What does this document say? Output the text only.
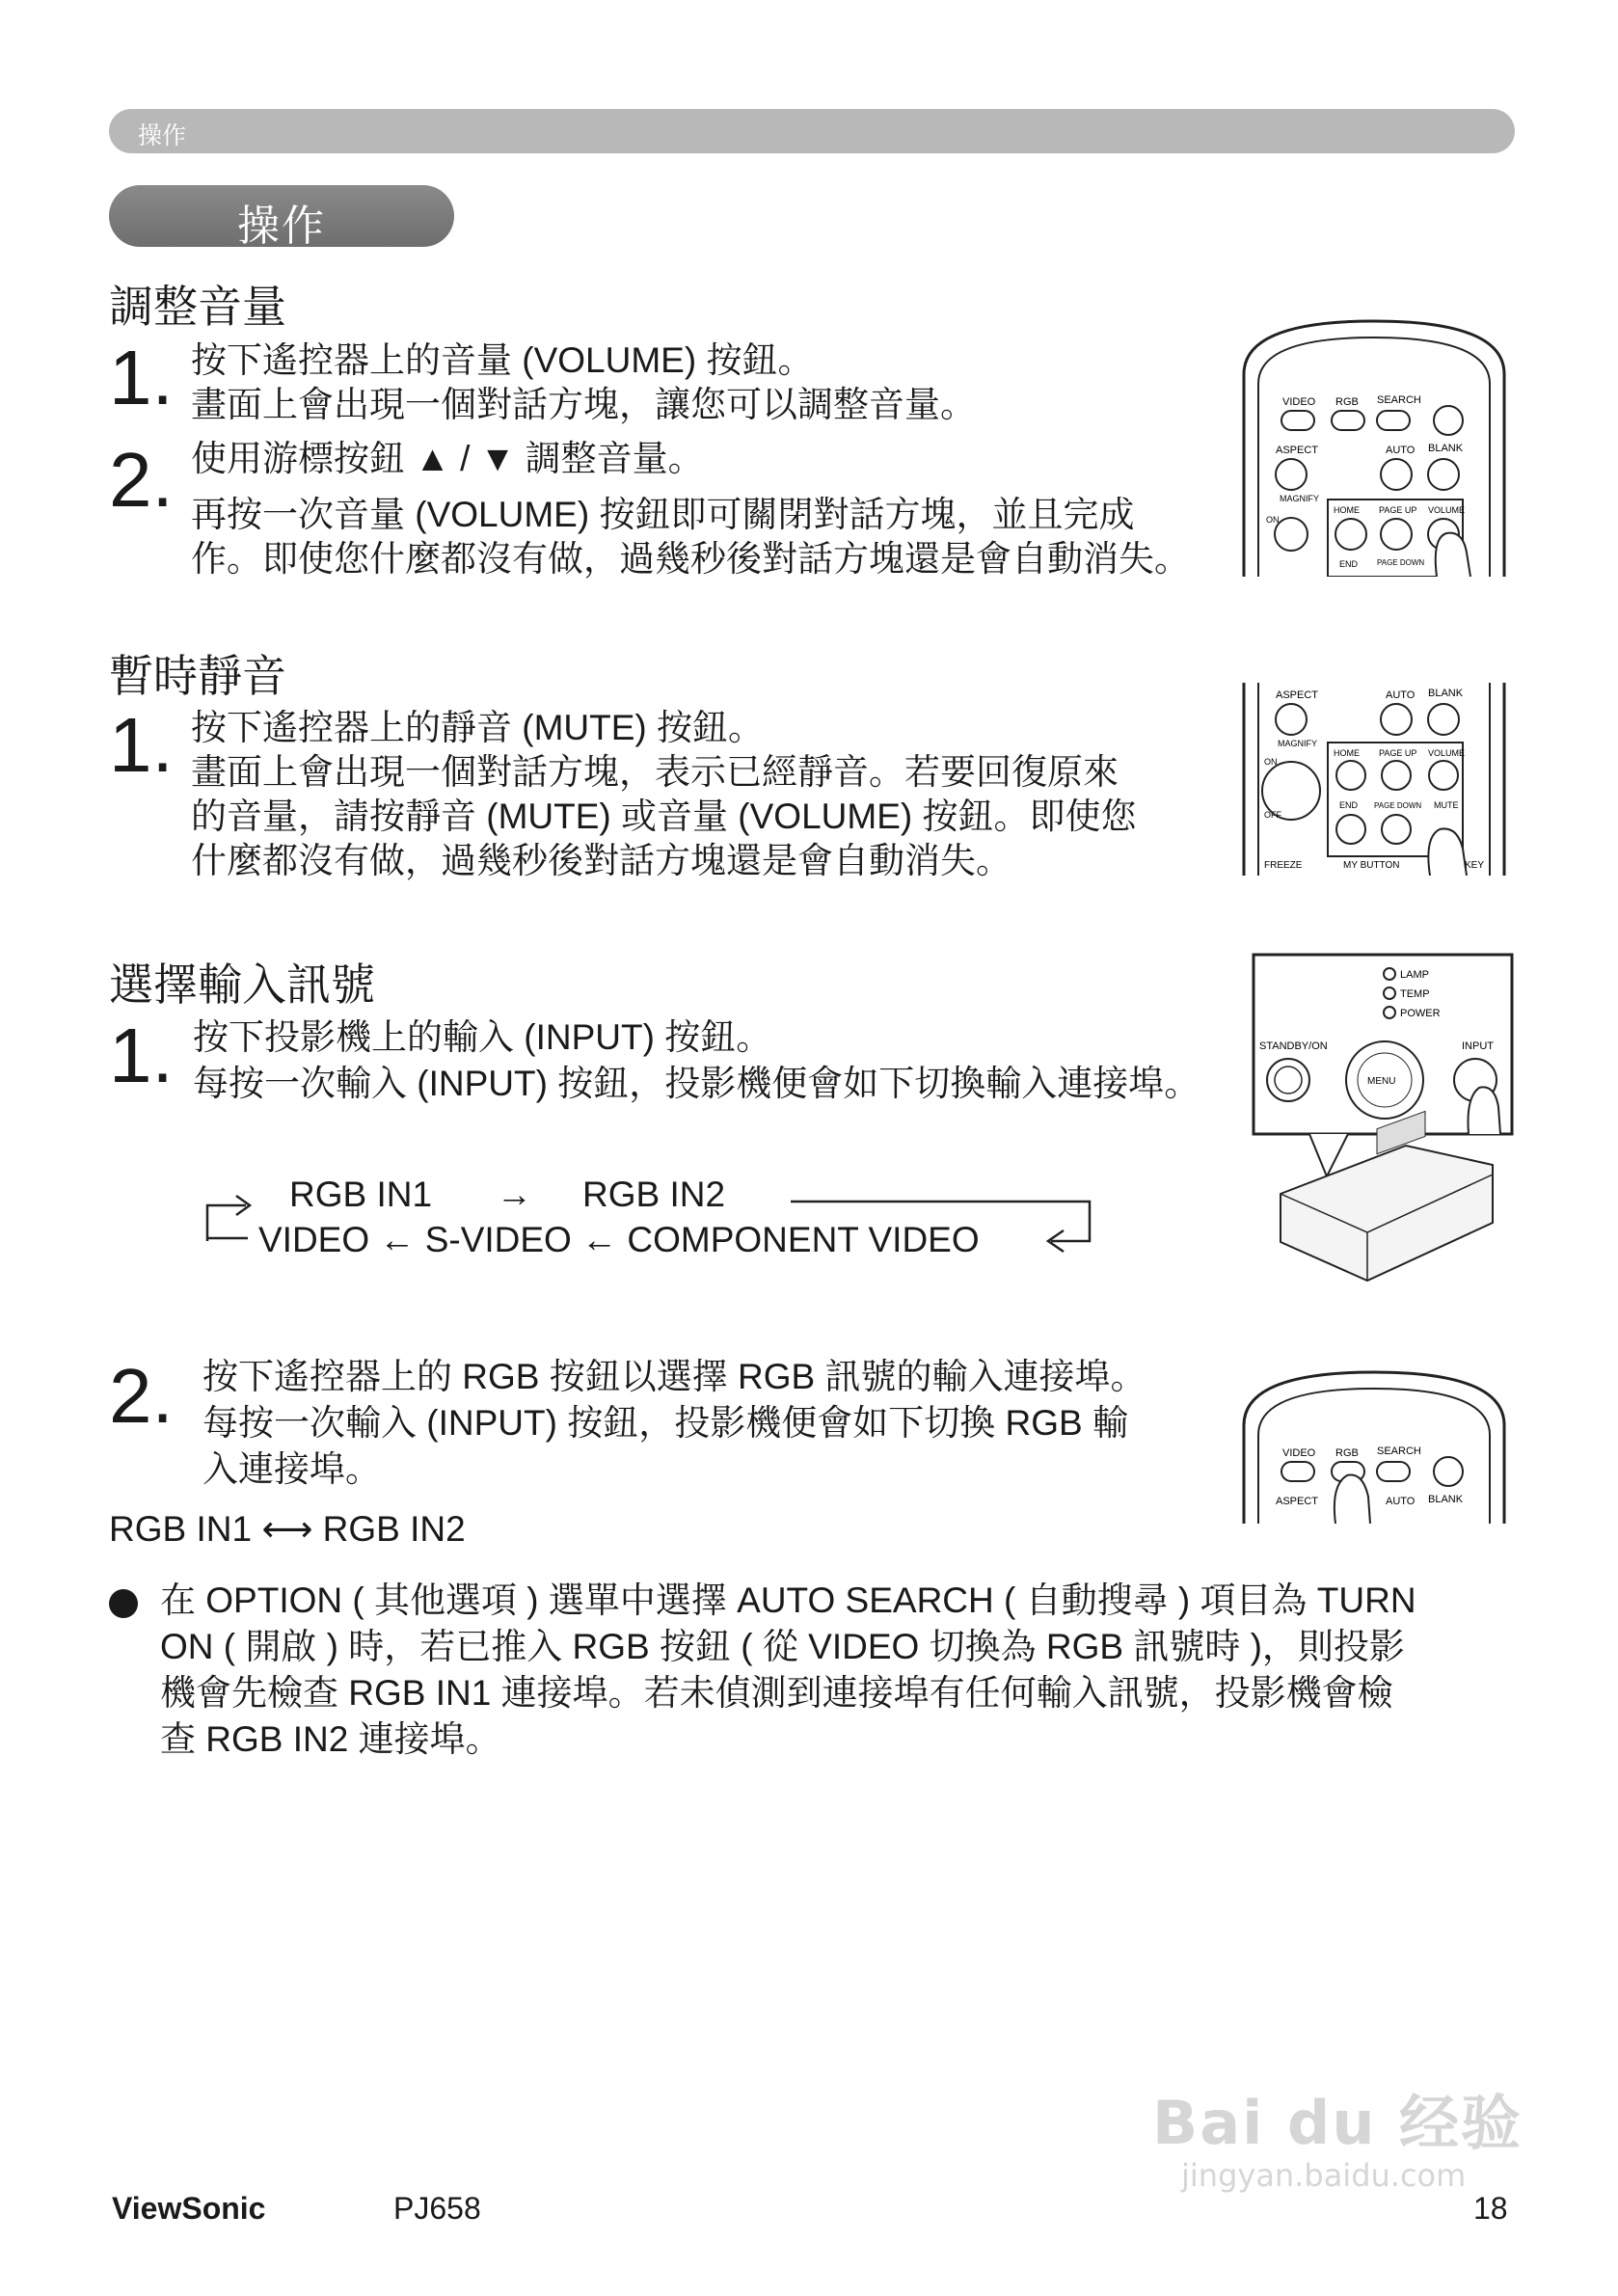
操作
操作
調整音量
1. 按下遙控器上的音量 (VOLUME) 按鈕。
畫面上會出現一個對話方塊，讓您可以調整音量。
2. 使用游標按鈕 ▲ / ▼ 調整音量。
再按一次音量 (VOLUME) 按鈕即可關閉對話方塊，並且完成
作。即使您什麼都沒有做，過幾秒後對話方塊還是會自動消失。
VIDEO RGB SEARCH
ASPECT	AUTO BLANK
MAGNIFY
ON
HOME PAGE UP VOLUME
END PAGE DOWN
暫時靜音
1. 按下遙控器上的靜音 (MUTE) 按鈕。
畫面上會出現一個對話方塊，表示已經靜音。若要回復原來
的音量，請按靜音 (MUTE) 或音量 (VOLUME) 按鈕。即使您
什麼都沒有做，過幾秒後對話方塊還是會自動消失。
ASPECT	AUTO BLANK
MAGNIFY
ON
OFF
HOME PAGE UP VOLUME
END PAGE DOWN MUTE
FREEZE	MY BUTTON	KEY
選擇輸入訊號
1. 按下投影機上的輸入 (INPUT) 按鈕。
每按一次輸入 (INPUT) 按鈕，投影機便會如下切換輸入連接埠。
LAMP
TEMP
POWER
STANDBY/ON	INPUT
MENU
RGB IN1 → RGB IN2
VIDEO ← S-VIDEO ← COMPONENT VIDEO
2. 按下遙控器上的 RGB 按鈕以選擇 RGB 訊號的輸入連接埠。
每按一次輸入 (INPUT) 按鈕，投影機便會如下切換 RGB 輸
入連接埠。
RGB IN1 ⟷ RGB IN2
VIDEO RGB SEARCH
ASPECT	AUTO BLANK
在 OPTION ( 其他選項 ) 選單中選擇 AUTO SEARCH ( 自動搜尋 ) 項目為 TURN
ON ( 開啟 ) 時，若已推入 RGB 按鈕 ( 從 VIDEO 切換為 RGB 訊號時 )，則投影
機會先檢查 RGB IN1 連接埠。若未偵測到連接埠有任何輸入訊號，投影機會檢
查 RGB IN2 連接埠。
Bai du 经验
jingyan.baidu.com
ViewSonic	PJ658	18
